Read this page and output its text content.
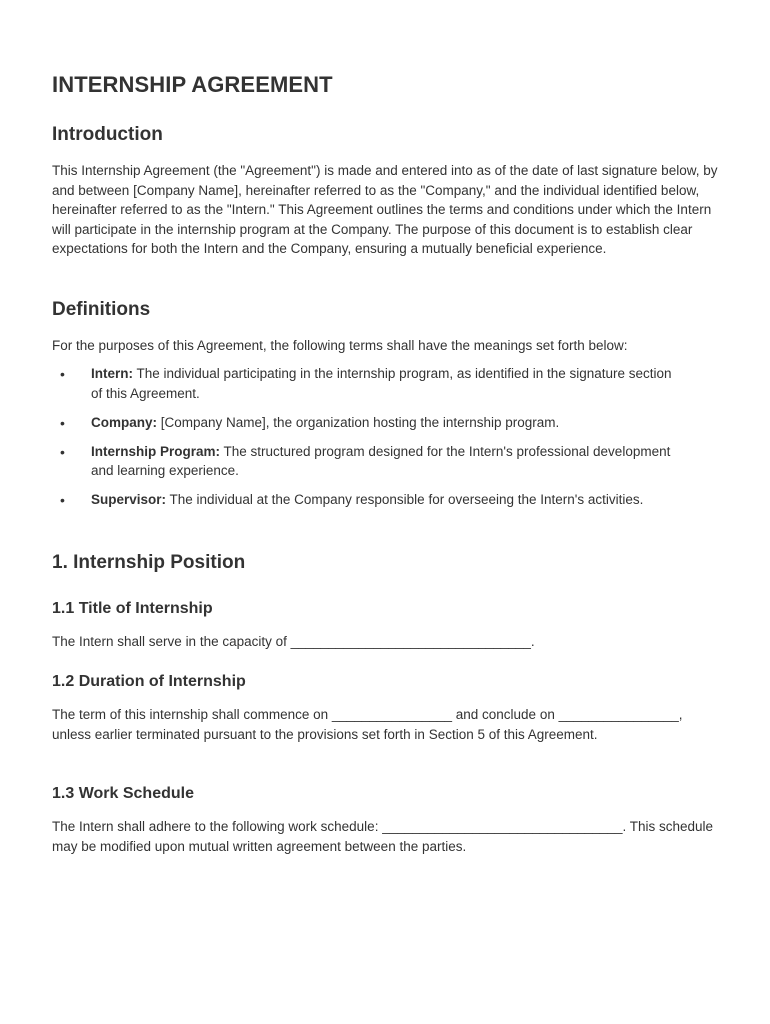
INTERNSHIP AGREEMENT
Introduction

This Internship Agreement (the "Agreement") is made and entered into as of the date of last signature below, by and between [Company Name], hereinafter referred to as the "Company," and the individual identified below, hereinafter referred to as the "Intern." This Agreement outlines the terms and conditions under which the Intern will participate in the internship program at the Company. The purpose of this document is to establish clear expectations for both the Intern and the Company, ensuring a mutually beneficial experience.

Definitions

For the purposes of this Agreement, the following terms shall have the meanings set forth below:

• Intern: The individual participating in the internship program, as identified in the signature section of this Agreement.
• Company: [Company Name], the organization hosting the internship program.
• Internship Program: The structured program designed for the Intern's professional development and learning experience.
• Supervisor: The individual at the Company responsible for overseeing the Intern's activities.
1. Internship Position
1.1 Title of Internship

The Intern shall serve in the capacity of ________________________________.

1.2 Duration of Internship

The term of this internship shall commence on ________________ and conclude on ________________, unless earlier terminated pursuant to the provisions set forth in Section 5 of this Agreement.

1.3 Work Schedule

The Intern shall adhere to the following work schedule: ________________________________. This schedule may be modified upon mutual written agreement between the parties.
